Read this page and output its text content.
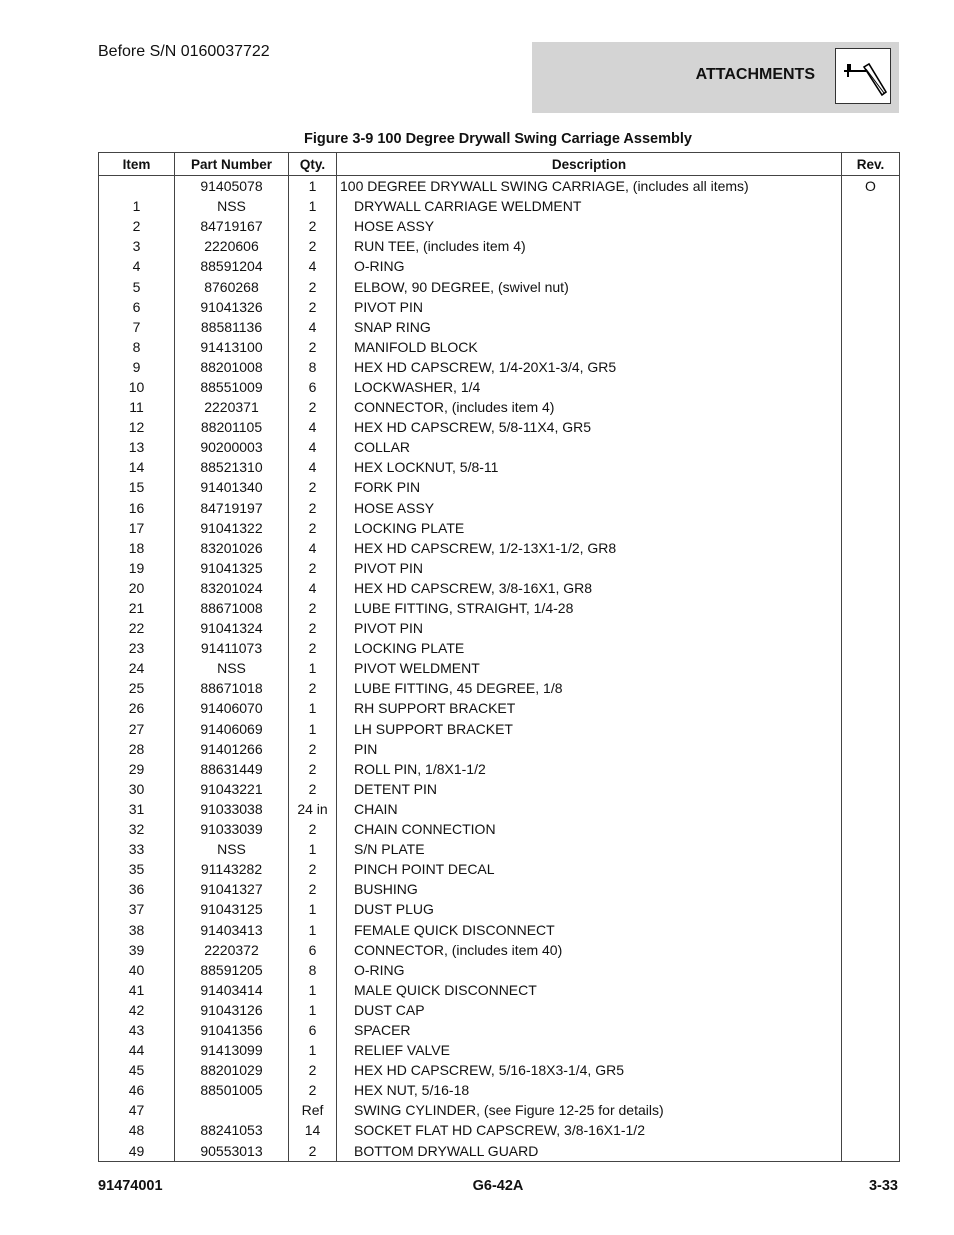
Before S/N 0160037722
ATTACHMENTS
Figure 3-9 100 Degree Drywall Swing Carriage Assembly
Item	Part Number	Qty.	Description	Rev.
	91405078	1	100 DEGREE DRYWALL SWING CARRIAGE, (includes all items)	O
1	NSS	1	DRYWALL CARRIAGE WELDMENT	
2	84719167	2	HOSE ASSY	
3	2220606	2	RUN TEE, (includes item 4)	
4	88591204	4	O-RING	
5	8760268	2	ELBOW, 90 DEGREE, (swivel nut)	
6	91041326	2	PIVOT PIN	
7	88581136	4	SNAP RING	
8	91413100	2	MANIFOLD BLOCK	
9	88201008	8	HEX HD CAPSCREW, 1/4-20X1-3/4, GR5	
10	88551009	6	LOCKWASHER, 1/4	
11	2220371	2	CONNECTOR, (includes item 4)	
12	88201105	4	HEX HD CAPSCREW, 5/8-11X4, GR5	
13	90200003	4	COLLAR	
14	88521310	4	HEX LOCKNUT, 5/8-11	
15	91401340	2	FORK PIN	
16	84719197	2	HOSE ASSY	
17	91041322	2	LOCKING PLATE	
18	83201026	4	HEX HD CAPSCREW, 1/2-13X1-1/2, GR8	
19	91041325	2	PIVOT PIN	
20	83201024	4	HEX HD CAPSCREW, 3/8-16X1, GR8	
21	88671008	2	LUBE FITTING, STRAIGHT, 1/4-28	
22	91041324	2	PIVOT PIN	
23	91411073	2	LOCKING PLATE	
24	NSS	1	PIVOT WELDMENT	
25	88671018	2	LUBE FITTING, 45 DEGREE, 1/8	
26	91406070	1	RH SUPPORT BRACKET	
27	91406069	1	LH SUPPORT BRACKET	
28	91401266	2	PIN	
29	88631449	2	ROLL PIN, 1/8X1-1/2	
30	91043221	2	DETENT PIN	
31	91033038	24 in	CHAIN	
32	91033039	2	CHAIN CONNECTION	
33	NSS	1	S/N PLATE	
35	91143282	2	PINCH POINT DECAL	
36	91041327	2	BUSHING	
37	91043125	1	DUST PLUG	
38	91403413	1	FEMALE QUICK DISCONNECT	
39	2220372	6	CONNECTOR, (includes item 40)	
40	88591205	8	O-RING	
41	91403414	1	MALE QUICK DISCONNECT	
42	91043126	1	DUST CAP	
43	91041356	6	SPACER	
44	91413099	1	RELIEF VALVE	
45	88201029	2	HEX HD CAPSCREW, 5/16-18X3-1/4, GR5	
46	88501005	2	HEX NUT, 5/16-18	
47		Ref	SWING CYLINDER, (see Figure 12-25 for details)	
48	88241053	14	SOCKET FLAT HD CAPSCREW, 3/8-16X1-1/2	
49	90553013	2	BOTTOM DRYWALL GUARD	
91474001	G6-42A	3-33
